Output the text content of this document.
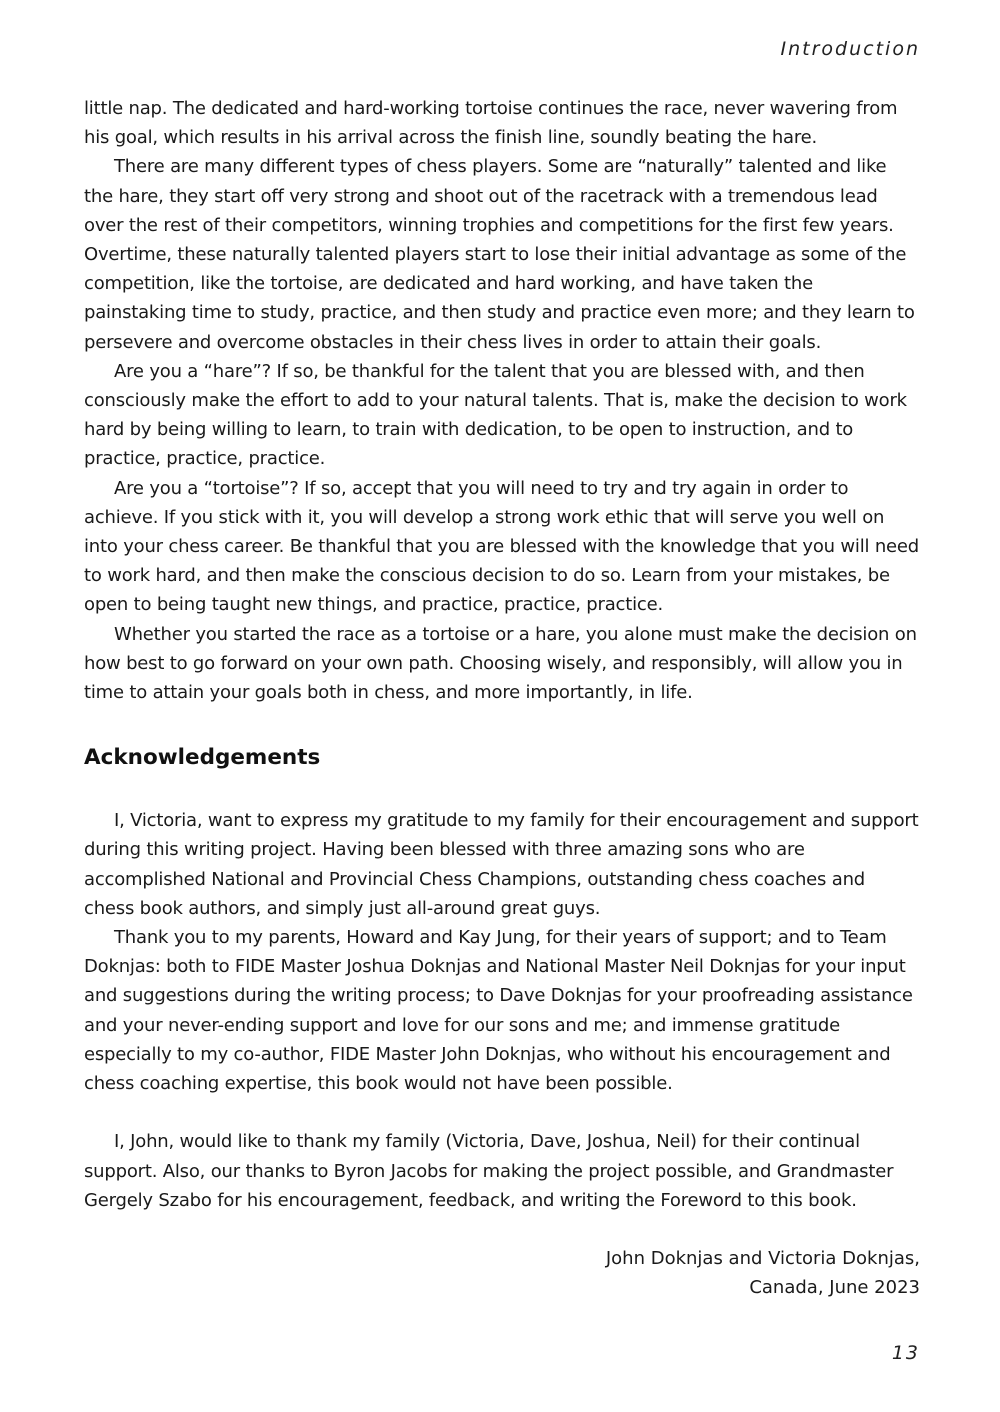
Introduction

little nap. The dedicated and hard-working tortoise continues the race, never wavering from his goal, which results in his arrival across the finish line, soundly beating the hare.

There are many different types of chess players. Some are “naturally” talented and like the hare, they start off very strong and shoot out of the racetrack with a tremendous lead over the rest of their competitors, winning trophies and competitions for the first few years. Overtime, these naturally talented players start to lose their initial advantage as some of the competition, like the tortoise, are dedicated and hard working, and have taken the painstaking time to study, practice, and then study and practice even more; and they learn to persevere and overcome obstacles in their chess lives in order to attain their goals.

Are you a “hare”? If so, be thankful for the talent that you are blessed with, and then consciously make the effort to add to your natural talents. That is, make the decision to work hard by being willing to learn, to train with dedication, to be open to instruction, and to practice, practice, practice.

Are you a “tortoise”? If so, accept that you will need to try and try again in order to achieve. If you stick with it, you will develop a strong work ethic that will serve you well on into your chess career. Be thankful that you are blessed with the knowledge that you will need to work hard, and then make the conscious decision to do so. Learn from your mistakes, be open to being taught new things, and practice, practice, practice.

Whether you started the race as a tortoise or a hare, you alone must make the decision on how best to go forward on your own path. Choosing wisely, and responsibly, will allow you in time to attain your goals both in chess, and more importantly, in life.

Acknowledgements

I, Victoria, want to express my gratitude to my family for their encouragement and support during this writing project. Having been blessed with three amazing sons who are accomplished National and Provincial Chess Champions, outstanding chess coaches and chess book authors, and simply just all-around great guys.

Thank you to my parents, Howard and Kay Jung, for their years of support; and to Team Doknjas: both to FIDE Master Joshua Doknjas and National Master Neil Doknjas for your input and suggestions during the writing process; to Dave Doknjas for your proofreading assistance and your never-ending support and love for our sons and me; and immense gratitude especially to my co-author, FIDE Master John Doknjas, who without his encouragement and chess coaching expertise, this book would not have been possible.

I, John, would like to thank my family (Victoria, Dave, Joshua, Neil) for their continual support. Also, our thanks to Byron Jacobs for making the project possible, and Grandmaster Gergely Szabo for his encouragement, feedback, and writing the Foreword to this book.

John Doknjas and Victoria Doknjas,
Canada, June 2023
13
